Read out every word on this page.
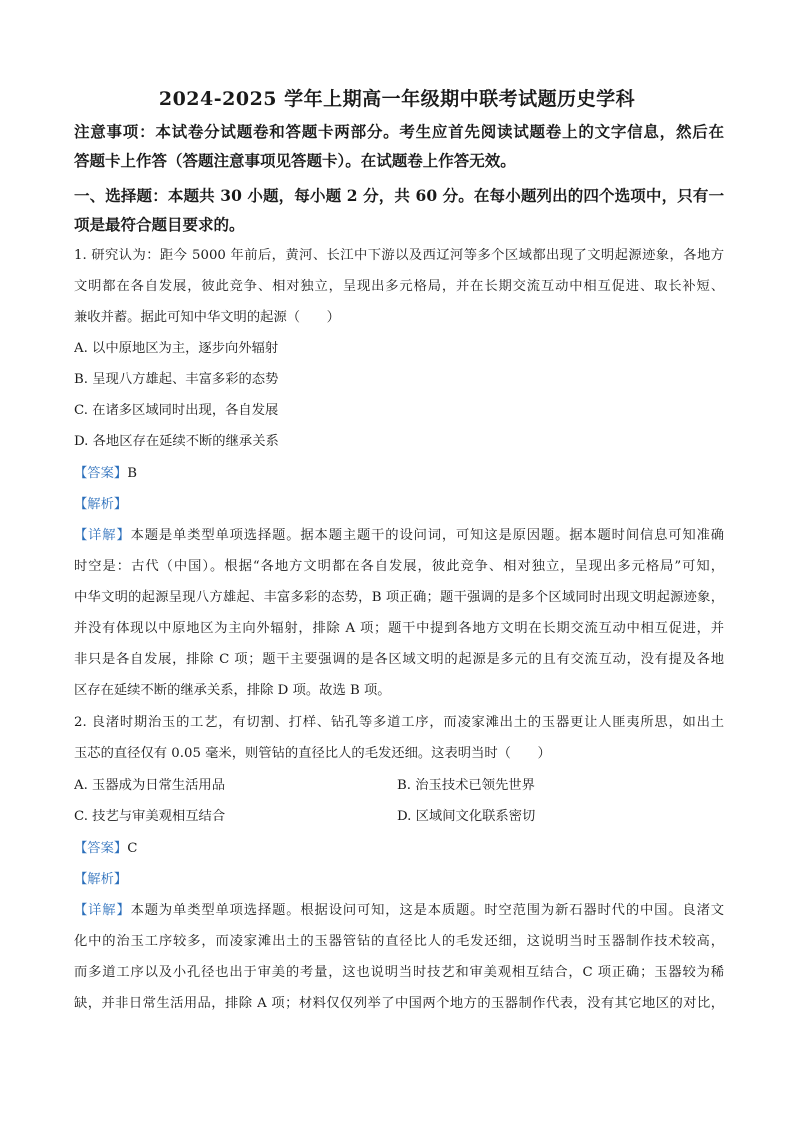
2024-2025 学年上期高一年级期中联考试题历史学科
注意事项：本试卷分试题卷和答题卡两部分。考生应首先阅读试题卷上的文字信息，然后在
答题卡上作答（答题注意事项见答题卡）。在试题卷上作答无效。
一、选择题：本题共 30 小题，每小题 2 分，共 60 分。在每小题列出的四个选项中，只有一
项是最符合题目要求的。
1. 研究认为：距今 5000 年前后，黄河、长江中下游以及西辽河等多个区域都出现了文明起源迹象，各地方
文明都在各自发展，彼此竞争、相对独立，呈现出多元格局，并在长期交流互动中相互促进、取长补短、
兼收并蓄。据此可知中华文明的起源（　　）
A. 以中原地区为主，逐步向外辐射
B. 呈现八方雄起、丰富多彩的态势
C. 在诸多区域同时出现，各自发展
D. 各地区存在延续不断的继承关系
【答案】B
【解析】
【详解】本题是单类型单项选择题。据本题主题干的设问词，可知这是原因题。据本题时间信息可知准确
时空是：古代（中国）。根据“各地方文明都在各自发展，彼此竞争、相对独立，呈现出多元格局”可知，
中华文明的起源呈现八方雄起、丰富多彩的态势，B 项正确；题干强调的是多个区域同时出现文明起源迹象，
并没有体现以中原地区为主向外辐射，排除 A 项；题干中提到各地方文明在长期交流互动中相互促进，并
非只是各自发展，排除 C 项；题干主要强调的是各区域文明的起源是多元的且有交流互动，没有提及各地
区存在延续不断的继承关系，排除 D 项。故选 B 项。
2. 良渚时期治玉的工艺，有切割、打样、钻孔等多道工序，而凌家滩出土的玉器更让人匪夷所思，如出土
玉芯的直径仅有 0.05 毫米，则管钻的直径比人的毛发还细。这表明当时（　　）
A. 玉器成为日常生活用品	B. 治玉技术已领先世界
C. 技艺与审美观相互结合	D. 区域间文化联系密切
【答案】C
【解析】
【详解】本题为单类型单项选择题。根据设问可知，这是本质题。时空范围为新石器时代的中国。良渚文
化中的治玉工序较多，而凌家滩出土的玉器管钻的直径比人的毛发还细，这说明当时玉器制作技术较高，
而多道工序以及小孔径也出于审美的考量，这也说明当时技艺和审美观相互结合，C 项正确；玉器较为稀
缺，并非日常生活用品，排除 A 项；材料仅仅列举了中国两个地方的玉器制作代表，没有其它地区的对比，
